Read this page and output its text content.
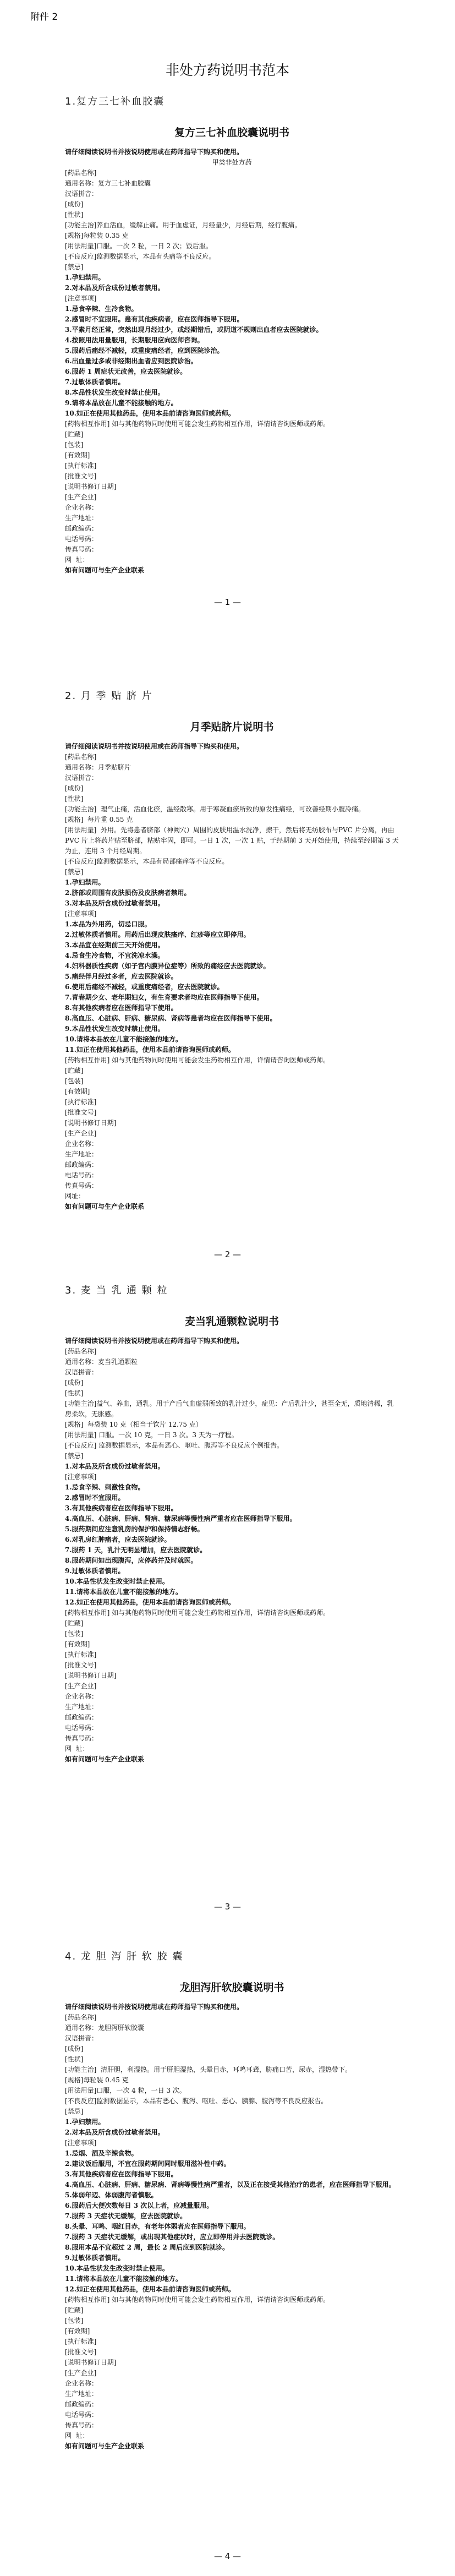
附件 2
非处方药说明书范本
1.复方三七补血胶囊
复方三七补血胶囊说明书

请仔细阅读说明书并按说明使用或在药师指导下购买和使用。

甲类非处方药

[药品名称]

通用名称：复方三七补血胶囊

汉语拼音：

[成份]

[性状]

[功能主治]养血活血，缓解止痛。用于血虚证，月经量少，月经后期，经行腹痛。

[规格]每粒装 0.35 克

[用法用量]口服。一次 2 粒，一日 2 次；饭后服。

[不良反应]监测数据显示，本品有头痛等不良反应。

[禁忌]

1.孕妇禁用。

2.对本品及所含成份过敏者禁用。

[注意事项]

1.忌食辛辣、生冷食物。

2.感冒时不宜服用。患有其他疾病者，应在医师指导下服用。

3.平素月经正常，突然出现月经过少，或经期错后，或阴道不规则出血者应去医院就诊。

4.按照用法用量服用，长期服用应向医师咨询。

5.服药后痛经不减轻，或重度痛经者，应到医院诊治。

6.出血量过多或非经期出血者应到医院诊治。

6.服药 1 周症状无改善，应去医院就诊。

7.过敏体质者慎用。

8.本品性状发生改变时禁止使用。

9.请将本品放在儿童不能接触的地方。

10.如正在使用其他药品，使用本品前请咨询医师或药师。

[药物相互作用] 如与其他药物同时使用可能会发生药物相互作用，详情请咨询医师或药师。

[贮藏]

[包装]

[有效期]

[执行标准]

[批准文号]

[说明书修订日期]

[生产企业]

企业名称：

生产地址：

邮政编码：

电话号码：

传真号码：

网  址：

如有问题可与生产企业联系

— 1 —
2. 月 季 贴 脐 片
月季贴脐片说明书

请仔细阅读说明书并按说明使用或在药师指导下购买和使用。

[药品名称]

通用名称：月季贴脐片

汉语拼音：

[成份]

[性状]

[功能主治]  理气止痛，活血化瘀，温经散寒。用于寒凝血瘀所致的原发性痛经，可改善经期小腹冷痛。

[规格]  每片重 0.55 克

[用法用量]  外用。先将患者脐部（神阙穴）周围的皮肤用温水洗净，擦干，然后将无纺胶布与PVC 片分离，再由 PVC 片上将药片贴至脐部，粘贴牢固，即可。一日 1 次，一次 1 贴，于经期前 3 天开始使用，持续至经期第 3 天为止，连用 3 个月经周期。

[不良反应]监测数据显示，本品有局部瘙痒等不良反应。

[禁忌]

1.孕妇禁用。

2.脐部或周围有皮肤损伤及皮肤病者禁用。

3.对本品及所含成份过敏者禁用。

[注意事项]

1.本品为外用药，切忌口服。

2.过敏体质者慎用。用药后出现皮肤瘙痒、红疹等应立即停用。

3.本品宜在经期前三天开始使用。

4.忌食生冷食物，不宜洗凉水澡。

4.妇科器质性疾病（如子宫内膜异位症等）所致的痛经应去医院就诊。

5.痛经伴月经过多者，应去医院就诊。

6.使用后痛经不减轻，或重度痛经者，应去医院就诊。

7.青春期少女、老年期妇女，有生育要求者均应在医师指导下使用。

8.有其他疾病者应在医师指导下使用。

8.高血压、心脏病、肝病、糖尿病、肾病等患者均应在医师指导下使用。

9.本品性状发生改变时禁止使用。

10.请将本品放在儿童不能接触的地方。

11.如正在使用其他药品，使用本品前请咨询医师或药师。

[药物相互作用] 如与其他药物同时使用可能会发生药物相互作用，详情请咨询医师或药师。

[贮藏]

[包装]

[有效期]

[执行标准]

[批准文号]

[说明书修订日期]

[生产企业]

企业名称：

生产地址：

邮政编码：

电话号码：

传真号码：

网址：

如有问题可与生产企业联系

— 2 —
3. 麦 当 乳 通 颗 粒
麦当乳通颗粒说明书

请仔细阅读说明书并按说明使用或在药师指导下购买和使用。

[药品名称]

通用名称：麦当乳通颗粒

汉语拼音：

[成份]

[性状]

[功能主治]益气、养血，通乳。用于产后气血虚弱所致的乳汁过少，症见：产后乳汁少，甚至全无，质地清稀，乳房柔软，无胀感。

[规格]  每袋装 10 克（相当于饮片 12.75 克）

[用法用量] 口服。一次 10 克，一日 3 次。3 天为一疗程。

[不良反应] 监测数据显示，本品有恶心、呕吐、腹泻等不良反应个例报告。

[禁忌]

1.对本品及所含成份过敏者禁用。

[注意事项]

1.忌食辛辣、刺激性食物。

2.感冒时不宜服用。

3.有其他疾病者应在医师指导下服用。

4.高血压、心脏病、肝病、肾病、糖尿病等慢性病严重者应在医师指导下服用。

5.服药期间应注意乳房的保护和保持情志舒畅。

6.对乳房红肿痛者，应去医院就诊。

7.服药 1 天，乳汁无明显增加，应去医院就诊。

8.服药期间如出现腹泻，应停药并及时就医。

9.过敏体质者慎用。

10.本品性状发生改变时禁止使用。

11.请将本品放在儿童不能接触的地方。

12.如正在使用其他药品，使用本品前请咨询医师或药师。

[药物相互作用] 如与其他药物同时使用可能会发生药物相互作用，详情请咨询医师或药师。

[贮藏]

[包装]

[有效期]

[执行标准]

[批准文号]

[说明书修订日期]

[生产企业]

企业名称：

生产地址：

邮政编码：

电话号码：

传真号码：

网  址：

如有问题可与生产企业联系

— 3 —
4. 龙 胆 泻 肝 软 胶 囊
龙胆泻肝软胶囊说明书

请仔细阅读说明书并按说明使用或在药师指导下购买和使用。

[药品名称]

通用名称：龙胆泻肝软胶囊

汉语拼音：

[成份]

[性状]

[功能主治]  清肝胆，利湿热。用于肝胆湿热，头晕目赤，耳鸣耳聋，胁痛口苦，尿赤，湿热带下。

[规格]每粒装 0.45 克

[用法用量]口服，一次 4 粒，一日 3 次。

[不良反应]监测数据显示，本品有恶心、腹泻、呕吐、恶心、胰腺、腹泻等不良反应报告。

[禁忌]

1.孕妇禁用。

2.对本品及所含成份过敏者禁用。

[注意事项]

1.忌烟、酒及辛辣食物。

2.建议饭后服用，不宜在服药期间同时服用滋补性中药。

3.有其他疾病者应在医师指导下服用。

4.高血压、心脏病、肝病、糖尿病、肾病等慢性病严重者，以及正在接受其他治疗的患者，应在医师指导下服用。

5.体弱年迈、体弱腹泻者慎服。

6.服药后大便次数每日 3 次以上者，应减量服用。

7.服药 3 天症状无缓解，应去医院就诊。

8.头晕、耳鸣、咽红目赤，有老年体弱者应在医师指导下服用。

7.服药 3 天症状无缓解，或出现其他症状时，应立即停用并去医院就诊。

8.服用本品不宜超过 2 周，最长 2 周后应到医院就诊。

9.过敏体质者慎用。

10.本品性状发生改变时禁止使用。

11.请将本品放在儿童不能接触的地方。

12.如正在使用其他药品，使用本品前请咨询医师或药师。

[药物相互作用] 如与其他药物同时使用可能会发生药物相互作用，详情请咨询医师或药师。

[贮藏]

[包装]

[有效期]

[执行标准]

[批准文号]

[说明书修订日期]

[生产企业]

企业名称：

生产地址：

邮政编码：

电话号码：

传真号码：

网  址：

如有问题可与生产企业联系

— 4 —
